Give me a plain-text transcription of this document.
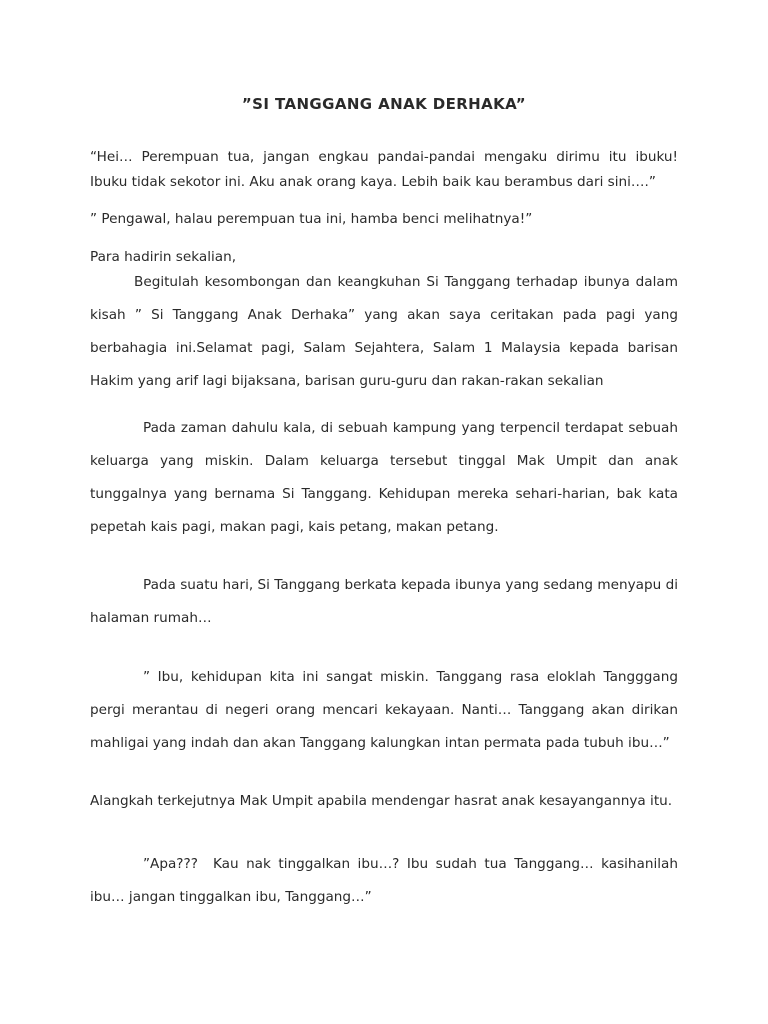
”SI TANGGANG ANAK DERHAKA”
“Hei… Perempuan tua, jangan engkau pandai-pandai mengaku dirimu itu ibuku! Ibuku tidak sekotor ini. Aku anak orang kaya. Lebih baik kau berambus dari sini….”
” Pengawal, halau perempuan tua ini, hamba benci melihatnya!”
Para hadirin sekalian,
Begitulah kesombongan dan keangkuhan Si Tanggang terhadap ibunya dalam kisah ” Si Tanggang Anak Derhaka” yang akan saya ceritakan pada pagi yang berbahagia ini.Selamat pagi, Salam Sejahtera, Salam 1 Malaysia kepada barisan Hakim yang arif lagi bijaksana, barisan guru-guru dan rakan-rakan sekalian
Pada zaman dahulu kala, di sebuah kampung yang terpencil terdapat sebuah keluarga yang miskin. Dalam keluarga tersebut tinggal Mak Umpit dan anak tunggalnya yang bernama Si Tanggang. Kehidupan mereka sehari-harian, bak kata pepetah kais pagi, makan pagi, kais petang, makan petang.
Pada suatu hari, Si Tanggang berkata kepada ibunya yang sedang menyapu di halaman rumah…
” Ibu, kehidupan kita ini sangat miskin. Tanggang rasa eloklah Tangggang pergi merantau di negeri orang mencari kekayaan. Nanti… Tanggang akan dirikan mahligai yang indah dan akan Tanggang kalungkan intan permata pada tubuh ibu…”
Alangkah terkejutnya Mak Umpit apabila mendengar hasrat anak kesayangannya itu.
”Apa???  Kau nak tinggalkan ibu…? Ibu sudah tua Tanggang… kasihanilah ibu… jangan tinggalkan ibu, Tanggang…”
